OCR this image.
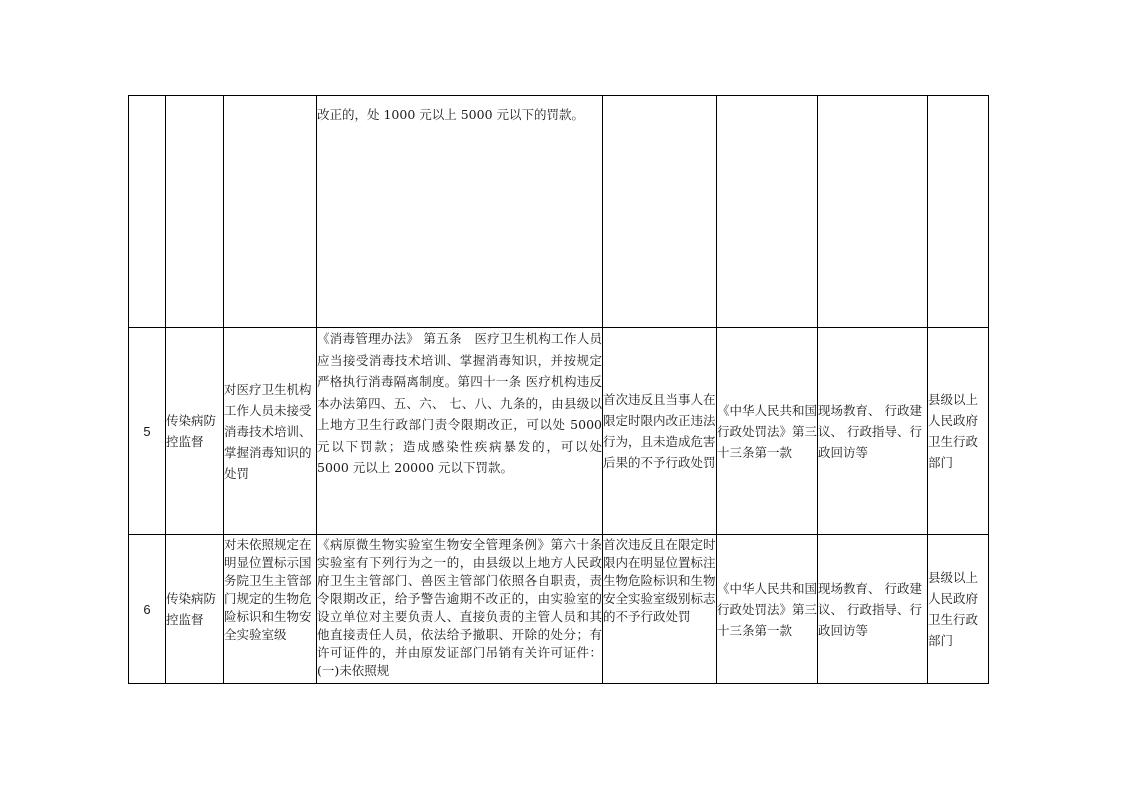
			改正的，处 1000 元以上 5000 元以下的罚款。				

5	传染病防控监督	对医疗卫生机构工作人员未接受消毒技术培训、掌握消毒知识的处罚	《消毒管理办法》 第五条　医疗卫生机构工作人员应当接受消毒技术培训、掌握消毒知识，并按规定严格执行消毒隔离制度。第四十一条 医疗机构违反本办法第四、五、六、 七、八、九条的，由县级以上地方卫生行政部门责令限期改正，可以处 5000 元以下罚款；造成感染性疾病暴发的，可以处 5000 元以上 20000 元以下罚款。	首次违反且当事人在限定时限内改正违法行为，且未造成危害后果的不予行政处罚	《中华人民共和国行政处罚法》第三十三条第一款	现场教育、 行政建议、 行政指导、行政回访等	县级以上人民政府卫生行政部门
6	传染病防控监督	对未依照规定在明显位置标示国务院卫生主管部门规定的生物危险标识和生物安全实验室级	《病原微生物实验室生物安全管理条例》第六十条　实验室有下列行为之一的，由县级以上地方人民政府卫生主管部门、兽医主管部门依照各自职责，责令限期改正，给予警告逾期不改正的，由实验室的设立单位对主要负责人、直接负责的主管人员和其他直接责任人员，依法给予撤职、开除的处分；有许可证件的，并由原发证部门吊销有关许可证件：(一)未依照规	首次违反且在限定时限内在明显位置标注生物危险标识和生物安全实验室级别标志的不予行政处罚	《中华人民共和国行政处罚法》第三十三条第一款	现场教育、 行政建议、 行政指导、行政回访等	县级以上人民政府卫生行政部门
